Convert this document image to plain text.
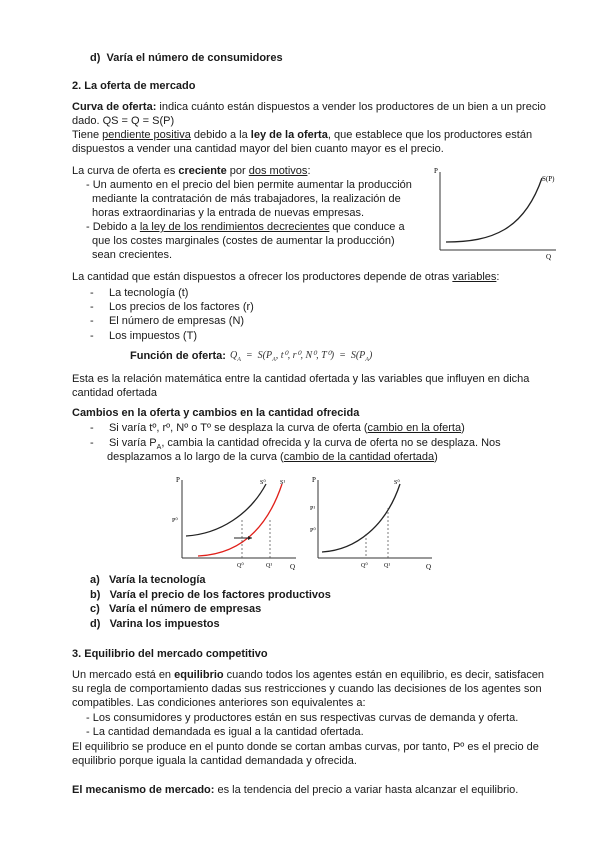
d) Varía el número de consumidores
2. La oferta de mercado
Curva de oferta: indica cuánto están dispuestos a vender los productores de un bien a un precio
dado. QS = Q = S(P)
Tiene pendiente positiva debido a la ley de la oferta, que establece que los productores están
dispuestos a vender una cantidad mayor del bien cuanto mayor es el precio.
La curva de oferta es creciente por dos motivos:
- Un aumento en el precio del bien permite aumentar la producción
mediante la contratación de más trabajadores, la realización de
horas extraordinarias y la entrada de nuevas empresas.
- Debido a la ley de los rendimientos decrecientes que conduce a
que los costes marginales (costes de aumentar la producción)
sean crecientes.
P
Q
S(P)
La cantidad que están dispuestos a ofrecer los productores depende de otras variables:
-     La tecnología (t)
-     Los precios de los factores (r)
-     El número de empresas (N)
-     Los impuestos (T)
Función de oferta: $Q_A = S(P_A$, t⁰, r⁰, N⁰, $T^0) = S(P_A)$
Esta es la relación matemática entre la cantidad ofertada y las variables que influyen en dicha
cantidad ofertada
Cambios en la oferta y cambios en la cantidad ofrecida
-     Si varía tº, rº, Nº o Tº se desplaza la curva de oferta (cambio en la oferta)
-     Si varía $P_A$, cambia la cantidad ofrecida y la curva de oferta no se desplaza. Nos
desplazamos a lo largo de la curva (cambio de la cantidad ofertada)
P
Q
S⁰ S¹
P⁰
Q⁰	Q¹
P
Q
S⁰
P¹
P⁰
Q⁰	Q¹
a) Varía la tecnología
b) Varía el precio de los factores productivos
c) Varía el número de empresas
d) Varina los impuestos
3. Equilibrio del mercado competitivo
Un mercado está en equilibrio cuando todos los agentes están en equilibrio, es decir, satisfacen
su regla de comportamiento dadas sus restricciones y cuando las decisiones de los agentes son
compatibles. Las condiciones anteriores son equivalentes a:
- Los consumidores y productores están en sus respectivas curvas de demanda y oferta.
- La cantidad demandada es igual a la cantidad ofertada.
El equilibrio se produce en el punto donde se cortan ambas curvas, por tanto, Pº es el precio de
equilibrio porque iguala la cantidad demandada y ofrecida.
El mecanismo de mercado: es la tendencia del precio a variar hasta alcanzar el equilibrio.
